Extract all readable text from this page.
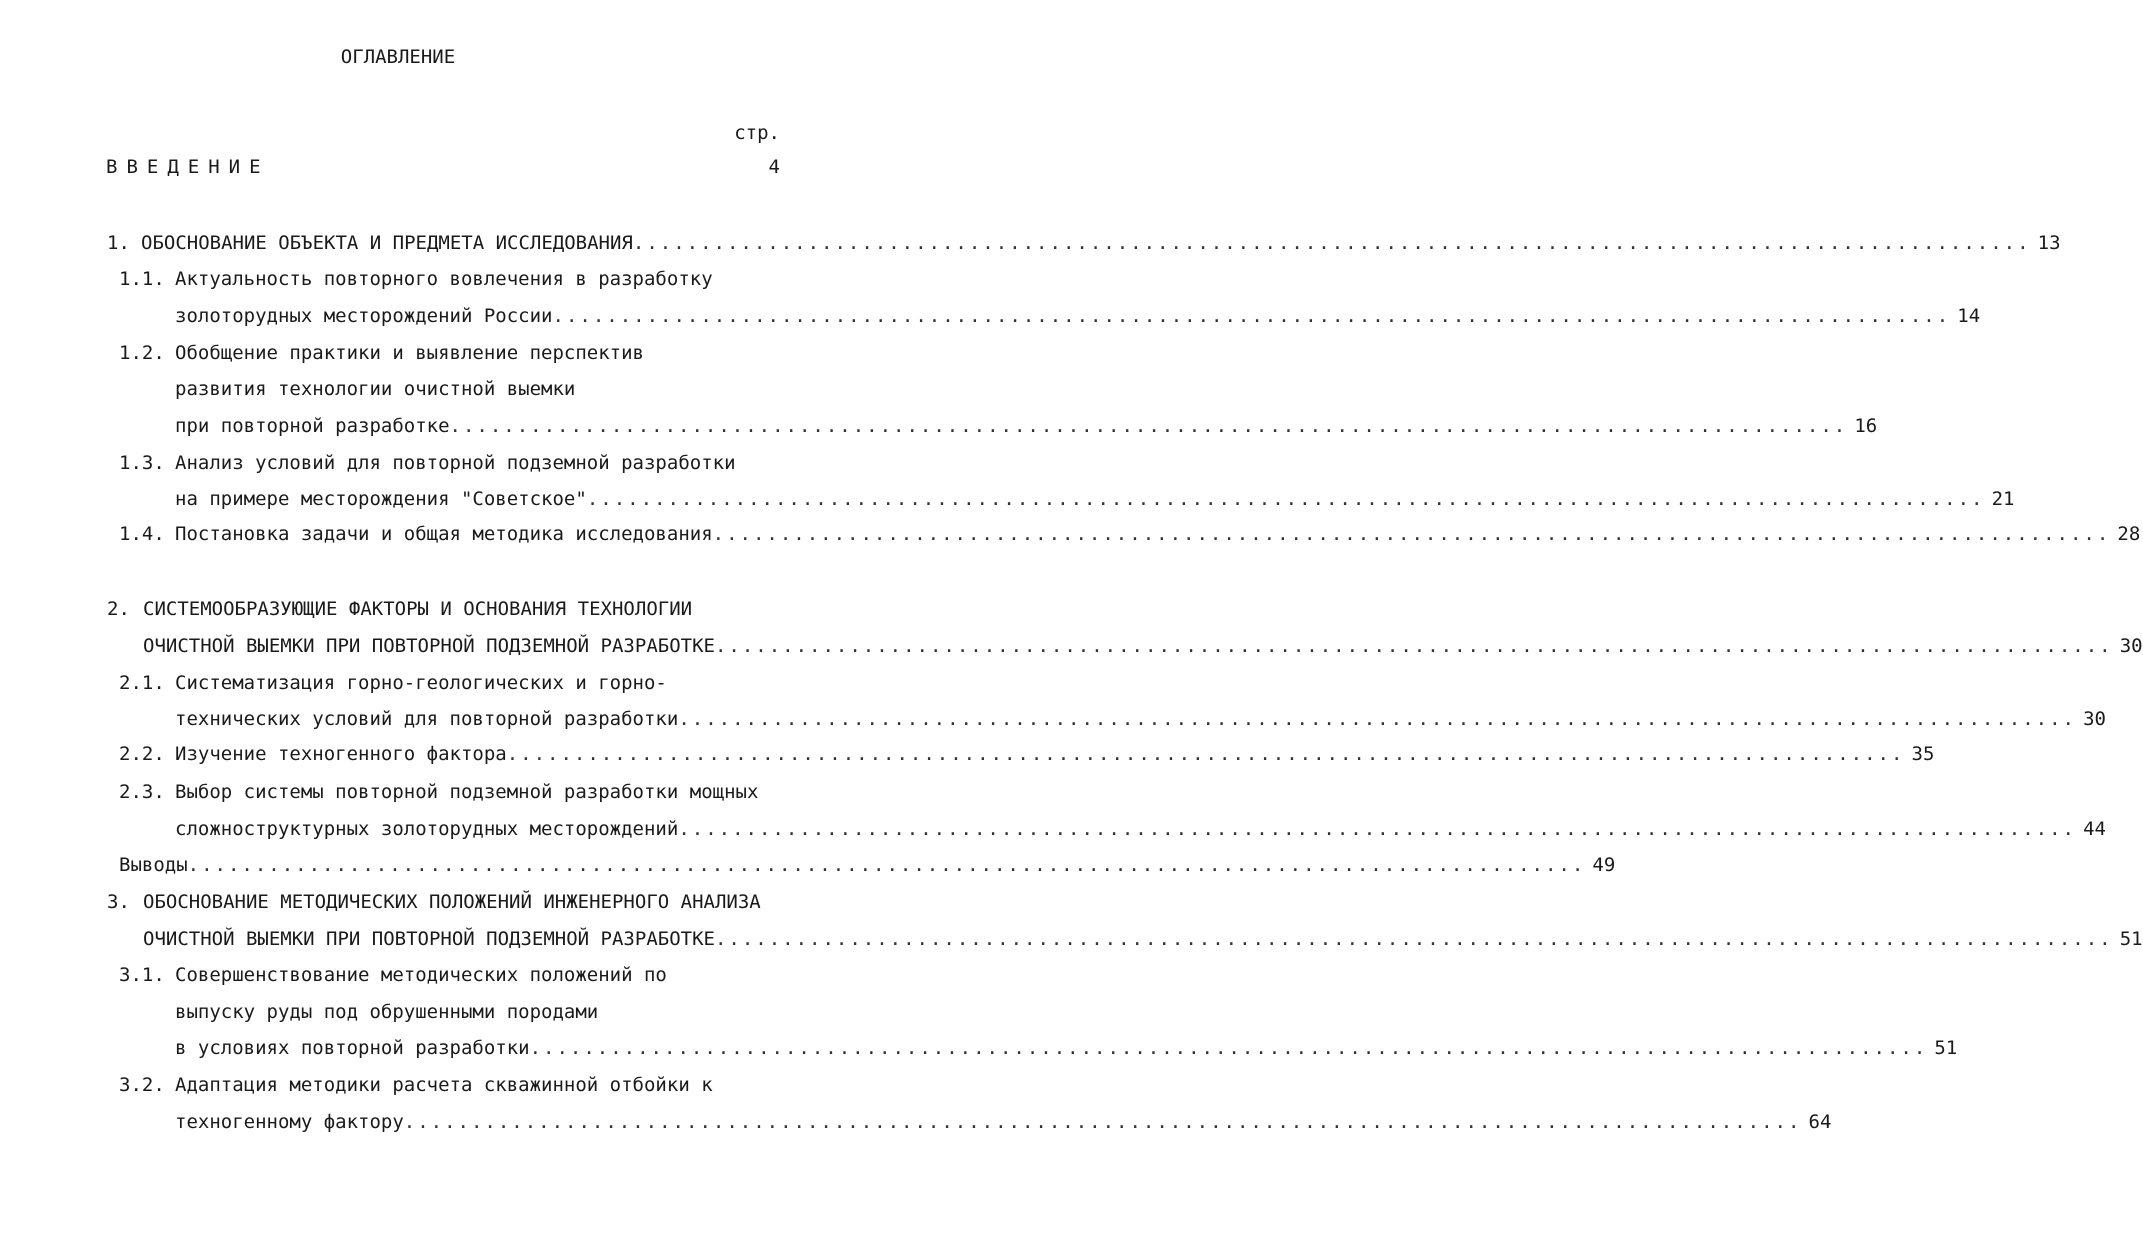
ОГЛАВЛЕНИЕ
стр.
ВВЕДЕНИЕ	4
1. ОБОСНОВАНИЕ ОБЪЕКТА И ПРЕДМЕТА ИССЛЕДОВАНИЯ ........................................................................................................ 13
1.1. Актуальность повторного вовлечения в разработку
золоторудных месторождений России ........................................................................................................ 14
1.2. Обобщение практики и выявление перспектив
развития технологии очистной выемки
при повторной разработке ........................................................................................................ 16
1.3. Анализ условий для повторной подземной разработки
на примере месторождения "Советское" ........................................................................................................ 21
1.4. Постановка задачи и общая методика исследования ........................................................................................................ 28
2. СИСТЕМООБРАЗУЮЩИЕ ФАКТОРЫ И ОСНОВАНИЯ ТЕХНОЛОГИИ
ОЧИСТНОЙ ВЫЕМКИ ПРИ ПОВТОРНОЙ ПОДЗЕМНОЙ РАЗРАБОТКЕ ........................................................................................................ 30
2.1. Систематизация горно-геологических и горно-
технических условий для повторной разработки ........................................................................................................ 30
2.2. Изучение техногенного фактора ........................................................................................................ 35
2.3. Выбор системы повторной подземной разработки мощных
сложноструктурных золоторудных месторождений ........................................................................................................ 44
Выводы ........................................................................................................ 49
3. ОБОСНОВАНИЕ МЕТОДИЧЕСКИХ ПОЛОЖЕНИЙ ИНЖЕНЕРНОГО АНАЛИЗА
ОЧИСТНОЙ ВЫЕМКИ ПРИ ПОВТОРНОЙ ПОДЗЕМНОЙ РАЗРАБОТКЕ ........................................................................................................ 51
3.1. Совершенствование методических положений по
выпуску руды под обрушенными породами
в условиях повторной разработки ........................................................................................................ 51
3.2. Адаптация методики расчета скважинной отбойки к
техногенному фактору ........................................................................................................ 64
